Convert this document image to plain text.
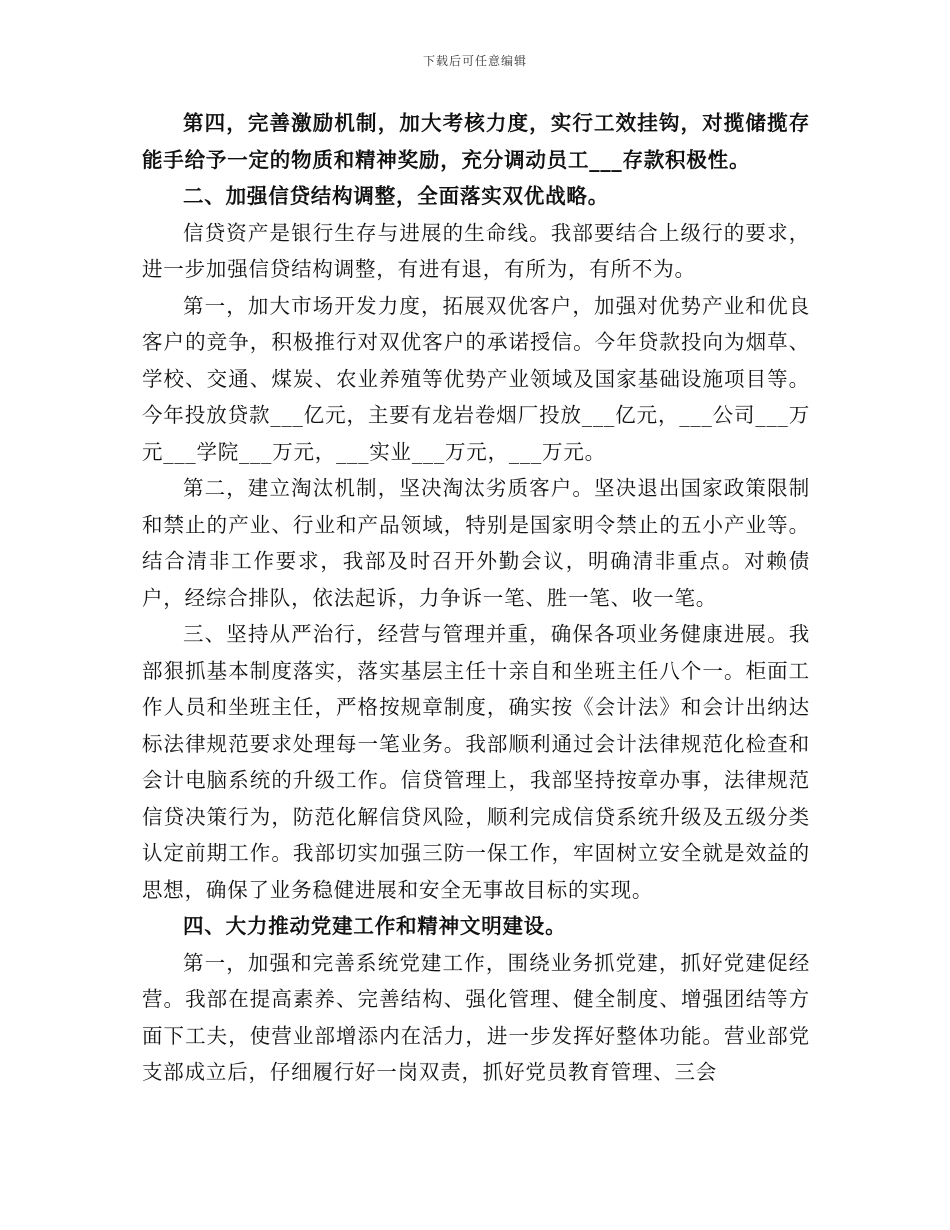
下载后可任意编辑

第四，完善激励机制，加大考核力度，实行工效挂钩，对揽储揽存能手给予一定的物质和精神奖励，充分调动员工___存款积极性。

二、加强信贷结构调整，全面落实双优战略。

信贷资产是银行生存与进展的生命线。我部要结合上级行的要求，进一步加强信贷结构调整，有进有退，有所为，有所不为。

第一，加大市场开发力度，拓展双优客户，加强对优势产业和优良客户的竞争，积极推行对双优客户的承诺授信。今年贷款投向为烟草、学校、交通、煤炭、农业养殖等优势产业领域及国家基础设施项目等。今年投放贷款___亿元，主要有龙岩卷烟厂投放___亿元，___公司___万元___学院___万元，___实业___万元，___万元。

第二，建立淘汰机制，坚决淘汰劣质客户。坚决退出国家政策限制和禁止的产业、行业和产品领域，特别是国家明令禁止的五小产业等。结合清非工作要求，我部及时召开外勤会议，明确清非重点。对赖债户，经综合排队，依法起诉，力争诉一笔、胜一笔、收一笔。

三、坚持从严治行，经营与管理并重，确保各项业务健康进展。我部狠抓基本制度落实，落实基层主任十亲自和坐班主任八个一。柜面工作人员和坐班主任，严格按规章制度，确实按《会计法》和会计出纳达标法律规范要求处理每一笔业务。我部顺利通过会计法律规范化检查和会计电脑系统的升级工作。信贷管理上，我部坚持按章办事，法律规范信贷决策行为，防范化解信贷风险，顺利完成信贷系统升级及五级分类认定前期工作。我部切实加强三防一保工作，牢固树立安全就是效益的思想，确保了业务稳健进展和安全无事故目标的实现。

四、大力推动党建工作和精神文明建设。

第一，加强和完善系统党建工作，围绕业务抓党建，抓好党建促经营。我部在提高素养、完善结构、强化管理、健全制度、增强团结等方面下工夫，使营业部增添内在活力，进一步发挥好整体功能。营业部党支部成立后，仔细履行好一岗双责，抓好党员教育管理、三会
